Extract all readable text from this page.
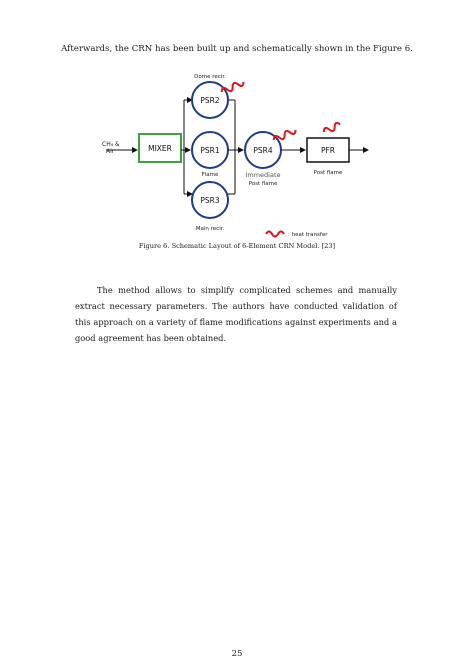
Afterwards, the CRN has been built up and schematically shown in the Figure 6.
CH₄ &
Air	MIXER
PSR2
Dome recir.
PSR1
Flame
PSR3
Main recir.
PSR4
Immediate
Post flame
PFR
Post flame
: heat transfer
Figure 6. Schematic Layout of 6-Element CRN Model. [23]
The method allows to simplify complicated schemes and manually extract necessary parameters. The authors have conducted validation of this approach on a variety of flame modifications against experiments and a good agreement has been obtained.
25
